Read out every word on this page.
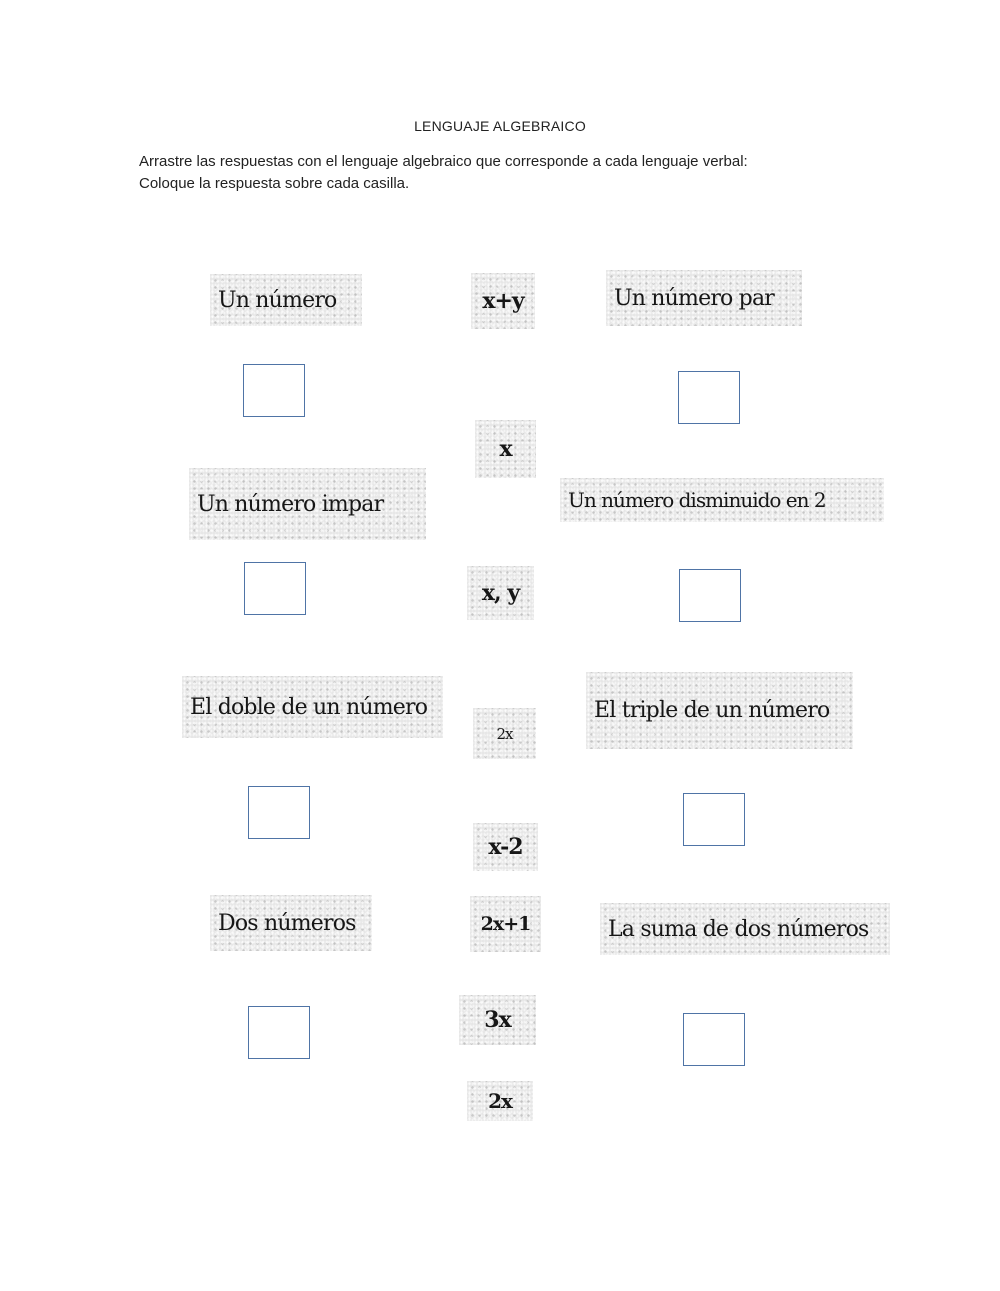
LENGUAJE ALGEBRAICO
Arrastre las respuestas con el lenguaje algebraico que corresponde a cada lenguaje verbal:
Coloque la respuesta sobre cada casilla.
Un número	Un número par
Un número impar	Un número disminuido en 2
El doble de un número	El triple de un número
Dos números	La suma de dos números
x+y
x
x, y
2x
x-2
2x+1
3x
2x
